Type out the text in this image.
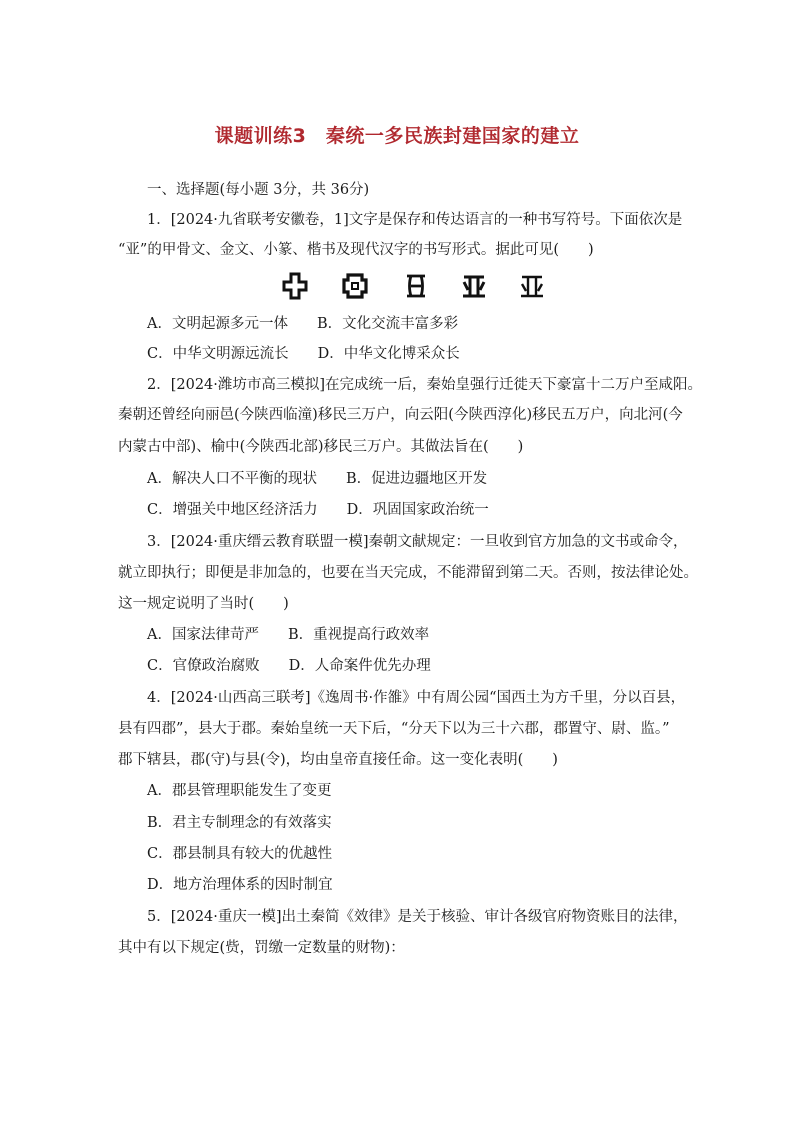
课题训练3　秦统一多民族封建国家的建立

一、选择题(每小题 3分，共 36分)

1．[2024·九省联考安徽卷，1]文字是保存和传达语言的一种书写符号。下面依次是

“亚”的甲骨文、金文、小篆、楷书及现代汉字的书写形式。据此可见(　　)

A．文明起源多元一体　　B．文化交流丰富多彩

C．中华文明源远流长　　D．中华文化博采众长

2．[2024·潍坊市高三模拟]在完成统一后，秦始皇强行迁徙天下豪富十二万户至咸阳。

秦朝还曾经向丽邑(今陕西临潼)移民三万户，向云阳(今陕西淳化)移民五万户，向北河(今

内蒙古中部)、榆中(今陕西北部)移民三万户。其做法旨在(　　)

A．解决人口不平衡的现状　　B．促进边疆地区开发

C．增强关中地区经济活力　　D．巩固国家政治统一

3．[2024·重庆缙云教育联盟一模]秦朝文献规定：一旦收到官方加急的文书或命令，

就立即执行；即便是非加急的，也要在当天完成，不能滞留到第二天。否则，按法律论处。

这一规定说明了当时(　　)

A．国家法律苛严　　B．重视提高行政效率

C．官僚政治腐败　　D．人命案件优先办理

4．[2024·山西高三联考]《逸周书·作雒》中有周公园“国西土为方千里，分以百县，

县有四郡”，县大于郡。秦始皇统一天下后，“分天下以为三十六郡，郡置守、尉、监。”

郡下辖县，郡(守)与县(令)，均由皇帝直接任命。这一变化表明(　　)

A．郡县管理职能发生了变更

B．君主专制理念的有效落实

C．郡县制具有较大的优越性

D．地方治理体系的因时制宜

5．[2024·重庆一模]出土秦简《效律》是关于核验、审计各级官府物资账目的法律，

其中有以下规定(赀，罚缴一定数量的财物)：
